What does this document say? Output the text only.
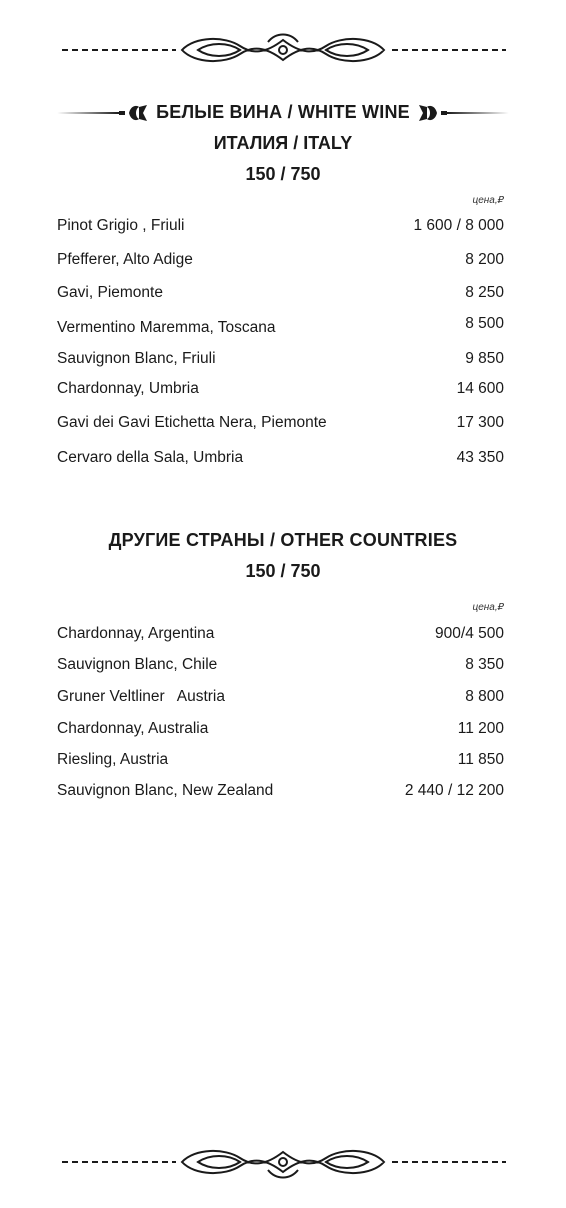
БЕЛЫЕ ВИНА / WHITE WINE
ИТАЛИЯ / ITALY
150 / 750
цена,₽
Pinot Grigio , Friuli	1 600 / 8 000
Pfefferer, Alto Adige	8 200
Gavi, Piemonte	8 250
Vermentino Maremma, Toscana	8 500
Sauvignon Blanc, Friuli	9 850
Chardonnay, Umbria	14 600
Gavi dei Gavi Etichetta Nera, Piemonte	17 300
Cervaro della Sala, Umbria	43 350
ДРУГИЕ СТРАНЫ / OTHER COUNTRIES
150 / 750
цена,₽
Chardonnay, Argentina	900/4 500
Sauvignon Blanc, Chile	8 350
Gruner Veltliner   Austria	8 800
Chardonnay, Australia	11 200
Riesling, Austria	11 850
Sauvignon Blanc, New Zealand	2 440 / 12 200
